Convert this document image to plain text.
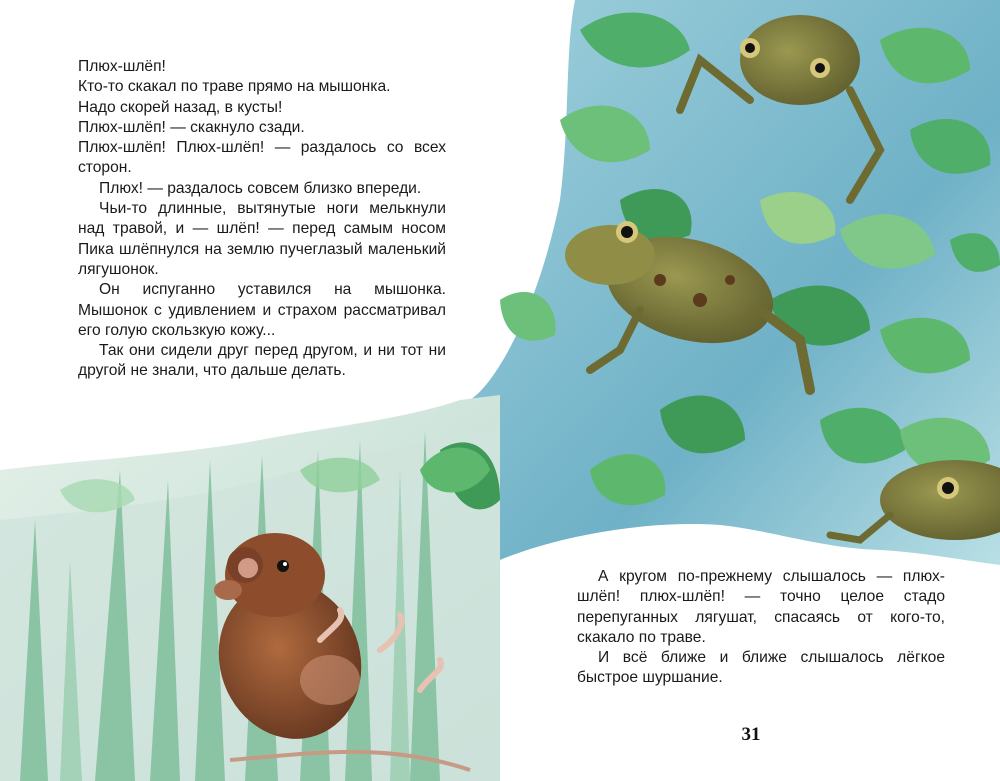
Плюх-шлёп!

Кто-то скакал по траве прямо на мышонка.

Надо скорей назад, в кусты!

Плюх-шлёп! — скакнуло сзади.

Плюх-шлёп! Плюх-шлёп! — раздалось со всех сторон.

Плюх! — раздалось совсем близко впереди.

Чьи-то длинные, вытянутые ноги мелькнули над травой, и — шлёп! — перед самым носом Пика шлёпнулся на землю пучеглазый маленький лягушонок.

Он испуганно уставился на мышонка. Мышонок с удивлением и страхом рассматривал его голую скользкую кожу...

Так они сидели друг перед другом, и ни тот ни другой не знали, что дальше делать.

А кругом по-прежнему слышалось — плюх-шлёп! плюх-шлёп! — точно целое стадо перепуганных лягушат, спасаясь от кого-то, скакало по траве.

И всё ближе и ближе слышалось лёгкое быстрое шуршание.

31
